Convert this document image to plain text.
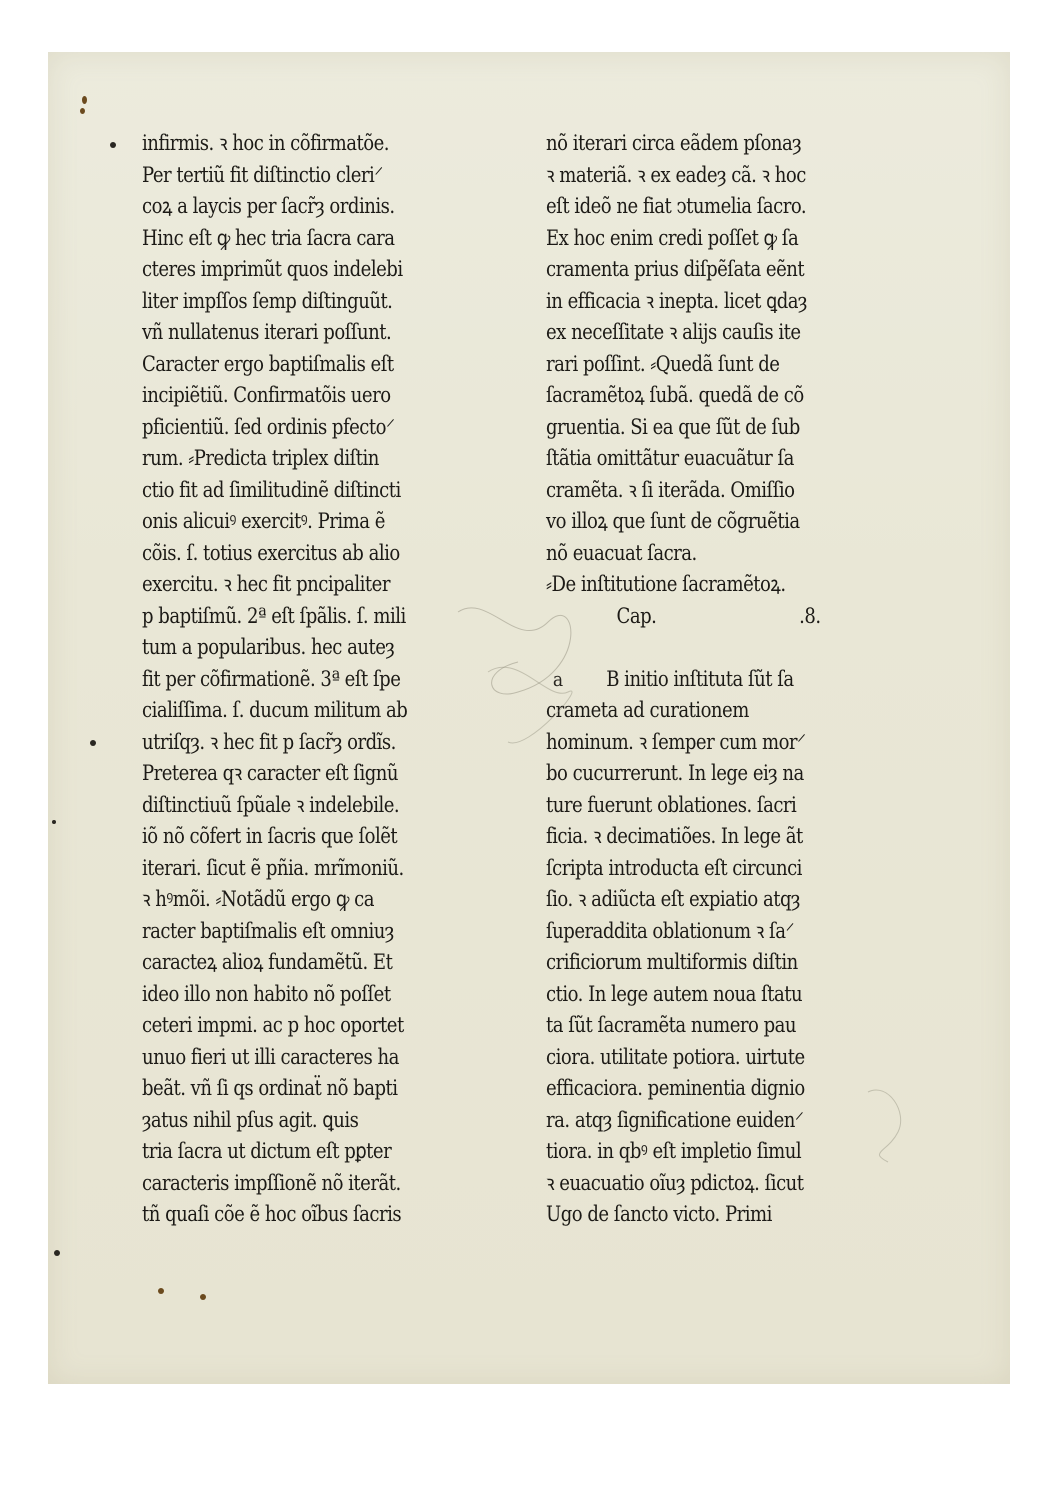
infirmis. ꝛ hoc in cõfirmatõe.
Per tertiũ fit diſtinctio cleri⸍
coꝝ a laycis per ſacr̃ȝ ordinis.
Hinc eſt ꝙ hec tria ſacra cara
cteres imprimũt quos indelebi
liter impſſos ſemp diſtinguũt.
vñ nullatenus iterari poſſunt.
Caracter ergo baptiſmalis eſt
incipiẽtiũ. Confirmatõis uero
pficientiũ. ſed ordinis pfecto⸍
rum. ⸗Predicta triplex diſtin
ctio fit ad ſimilitudinẽ diſtincti
onis alicuiꝰ exercitꝰ. Prima ẽ
cõis. ſ. totius exercitus ab alio
exercitu. ꝛ hec fit pncipaliter
p baptiſmũ. 2ª eſt ſpãlis. ſ. mili
tum a popularibus. hec auteȝ
fit per cõfirmationẽ. 3ª eſt ſpe
cialiſſima. ſ. ducum militum ab
utriſqȝ. ꝛ hec fit p ſacr̃ȝ ordĩs.
Preterea qꝛ caracter eſt ſignũ
diſtinctiuũ ſpũale ꝛ indelebile.
iõ nõ cõfert in ſacris que ſolẽt
iterari. ſicut ẽ pñia. mrĩmoniũ.
ꝛ hꝰmõi. ⸗Notãdũ ergo ꝙ ca
racter baptiſmalis eſt omniuȝ
caracteꝝ alioꝝ fundamẽtũ. Et
ideo illo non habito nõ poſſet
ceteri impmi. ac p hoc oportet
unuo fieri ut illi caracteres ha
beãt. vñ ſi qs ordinaẗ nõ bapti
ȝatus nihil pſus agit. ꝗuis
tria ſacra ut dictum eſt pꝑter
caracteris impſſionẽ nõ iterãt.
tñ quaſi cõe ẽ hoc oĩbus ſacris
nõ iterari circa eãdem pſonaȝ
ꝛ materiã. ꝛ ex eadeȝ cã. ꝛ hoc
eſt ideõ ne fiat ↄtumelia ſacro.
Ex hoc enim credi poſſet ꝙ ſa
cramenta prius diſpẽſata eẽnt
in efficacia ꝛ inepta. licet ꝗdaȝ
ex neceſſitate ꝛ alijs cauſis ite
rari poſſint. ⸗Quedã ſunt de
ſacramẽtoꝝ ſubã. quedã de cõ
gruentia. Si ea que ſũt de ſub
ſtãtia omittãtur euacuãtur ſa
cramẽta. ꝛ ſi iterãda. Omiſſio
vo illoꝝ que ſunt de cõgruẽtia
nõ euacuat ſacra.
⸗De inſtitutione ſacramẽtoꝝ.
Cap.	.8.
a B initio inſtituta ſũt ſa
crameta ad curationem
hominum. ꝛ ſemper cum mor⸍
bo cucurrerunt. In lege eiȝ na
ture fuerunt oblationes. ſacri
ficia. ꝛ decimatiões. In lege ãt
ſcripta introducta eſt circunci
ſio. ꝛ adiũcta eſt expiatio atqȝ
ſuperaddita oblationum ꝛ ſa⸍
crificiorum multiformis diſtin
ctio. In lege autem noua ſtatu
ta ſũt ſacramẽta numero pau
ciora. utilitate potiora. uirtute
efficaciora. peminentia dignio
ra. atqȝ ſignificatione euiden⸍
tiora. in qbꝰ eſt impletio ſimul
ꝛ euacuatio oĩuȝ pdictoꝝ. ſicut
Ugo de ſancto victo. Primi
